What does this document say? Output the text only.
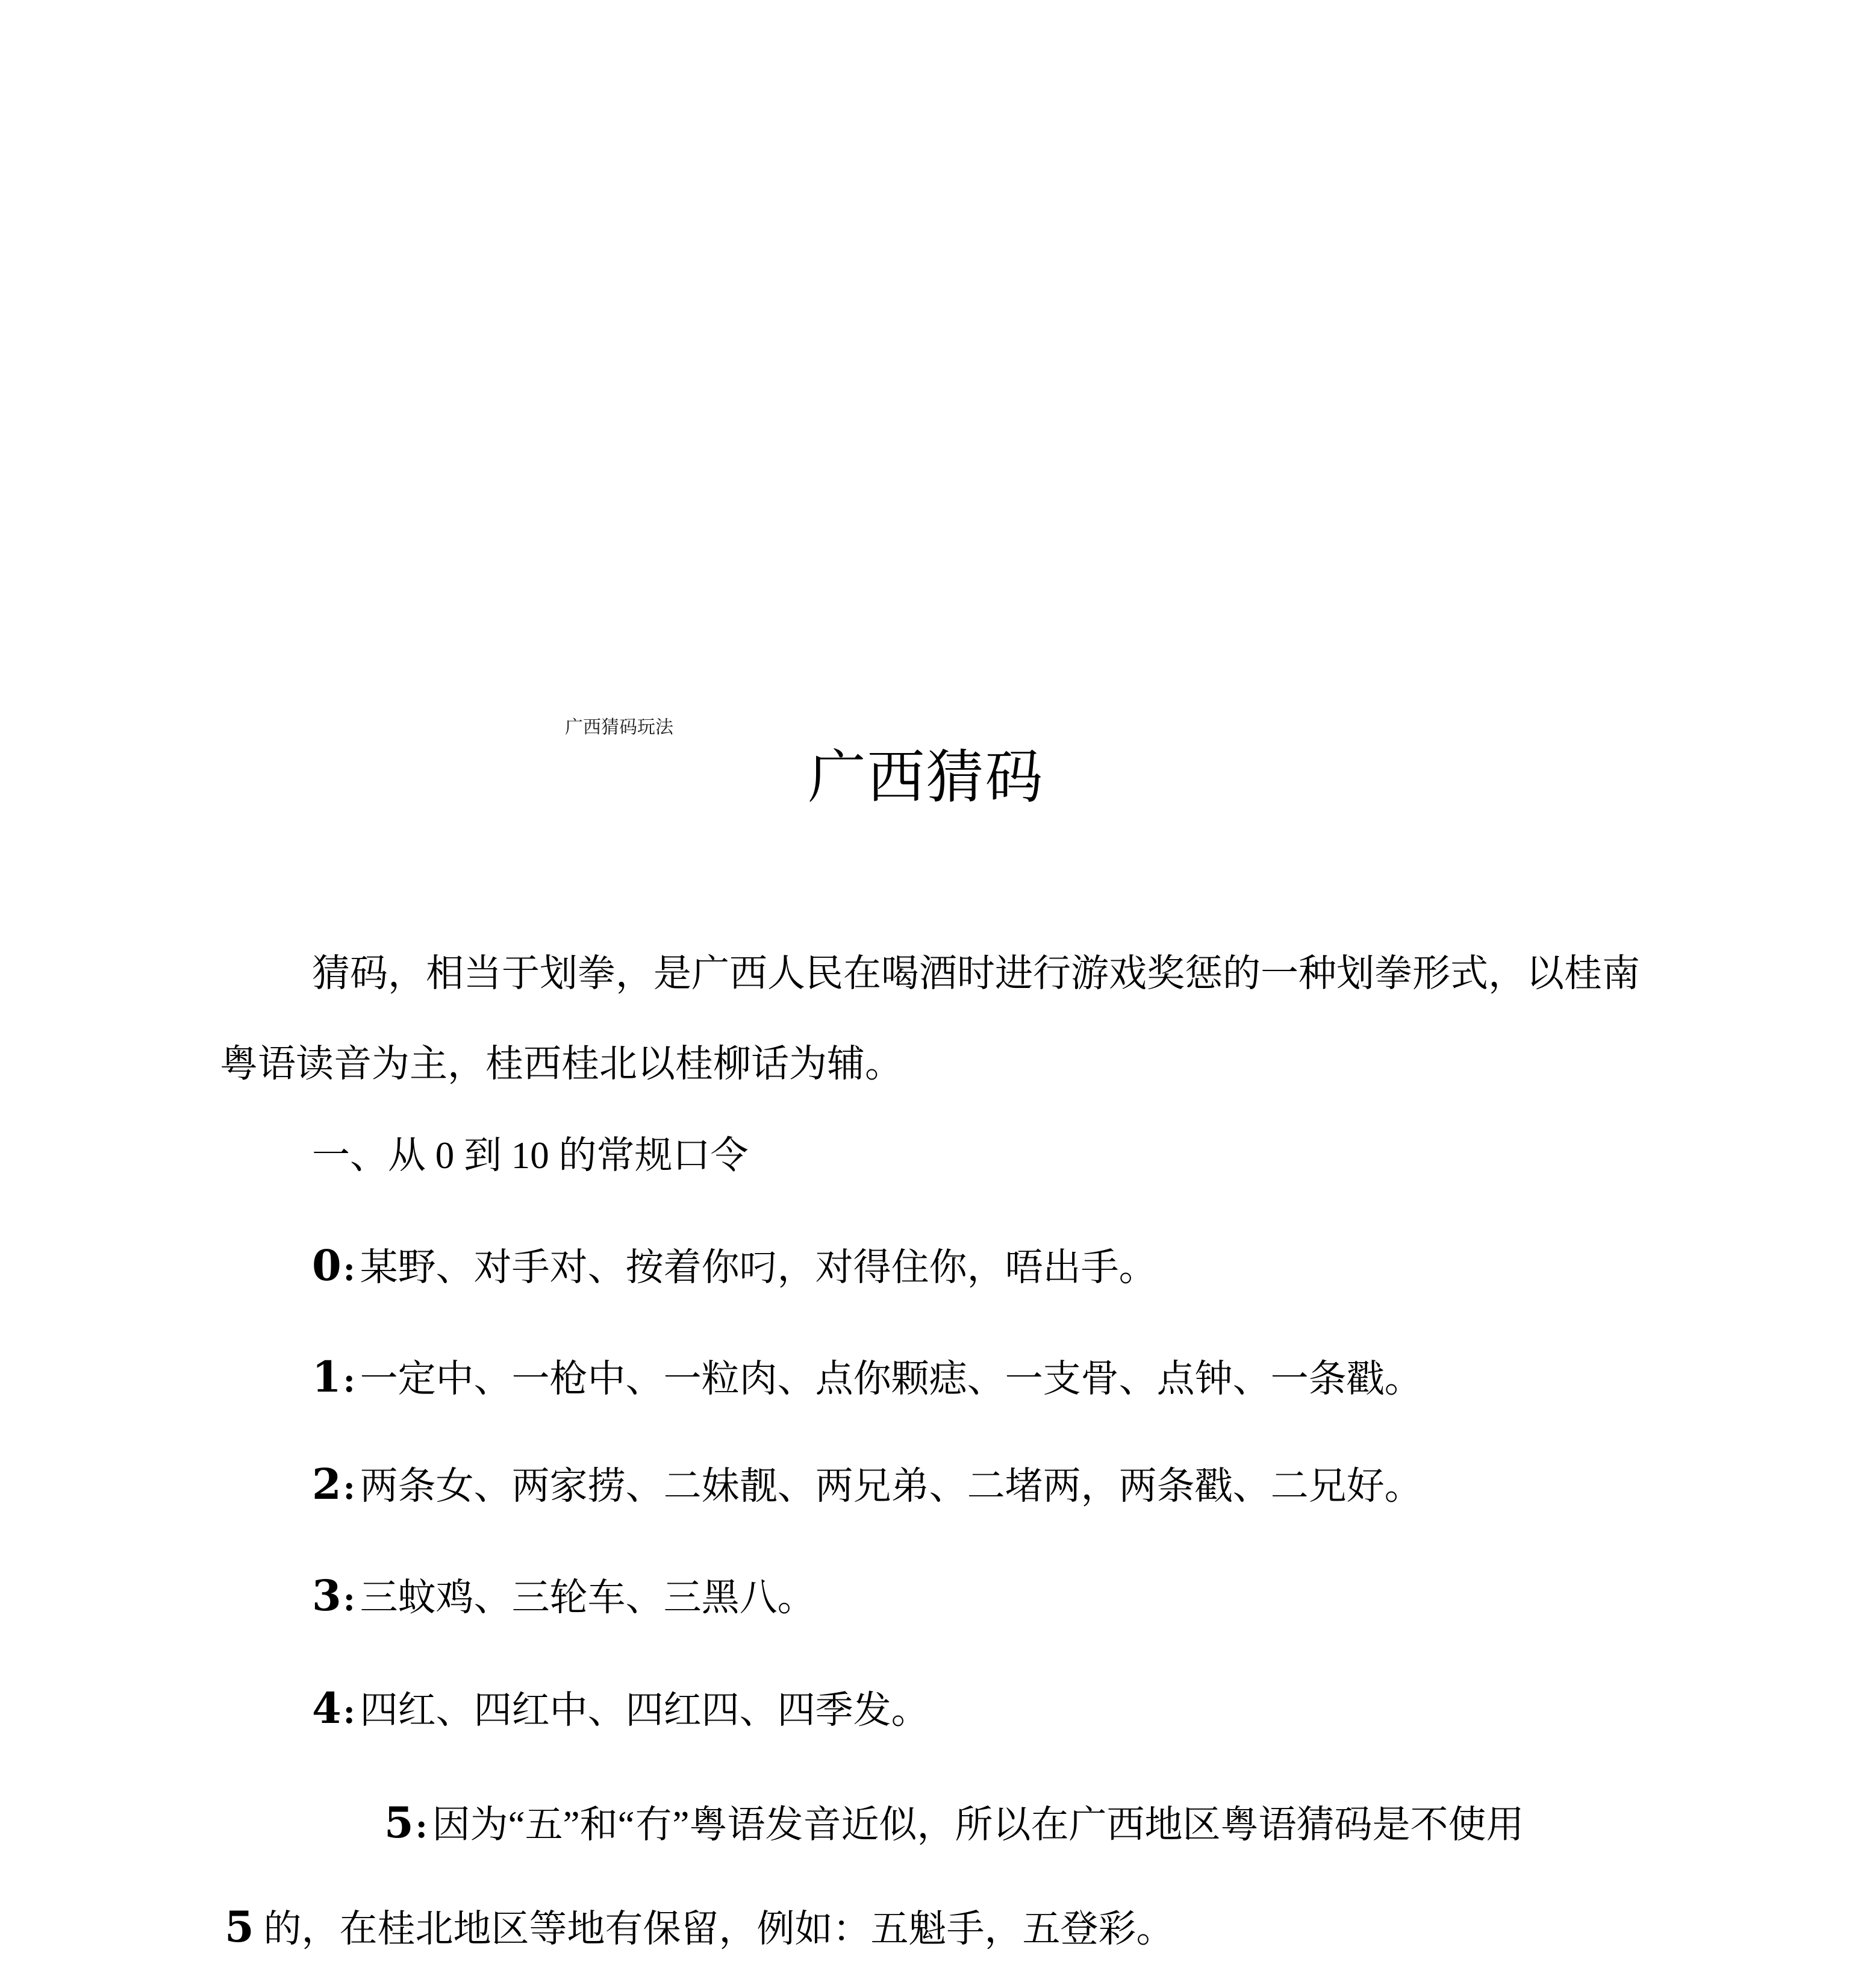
广西猜码玩法
广西猜码
猜码，相当于划拳，是广西人民在喝酒时进行游戏奖惩的一种划拳形式，以桂南
粤语读音为主，桂西桂北以桂柳话为辅。
一、从 0 到 10 的常规口令
0: 某野、对手对、按着你叼，对得住你，唔出手。
1: 一定中、一枪中、一粒肉、点你颗痣、一支骨、点钟、一条戳。
2: 两条女、两家捞、二妹靓、两兄弟、二堵两，两条戳、二兄好。
3: 三蚊鸡、三轮车、三黑八。
4: 四红、四红中、四红四、四季发。
5: 因为“五”和“冇”粤语发音近似，所以在广西地区粤语猜码是不使用
5 的，在桂北地区等地有保留，例如：五魁手，五登彩。
